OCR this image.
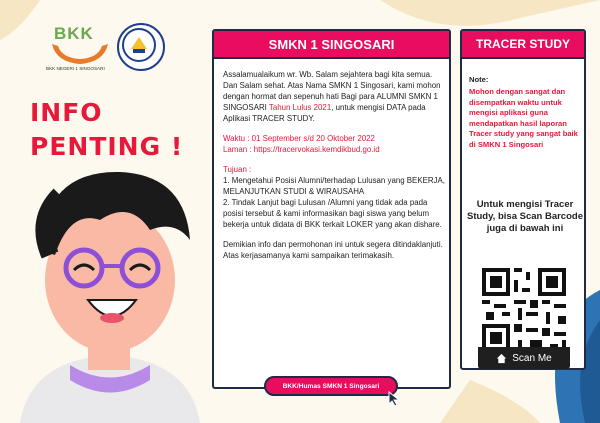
BKK
BKK NEGERI 1 SINGOSARI
INFO
PENTING !
SMKN 1 SINGOSARI

Assalamualaikum wr. Wb. Salam sejahtera bagi kita semua. Dan Salam sehat. Atas Nama SMKN 1 Singosari, kami mohon dengan hormat dan sepenuh hati Bagi para ALUMNI SMKN 1 SINGOSARI Tahun Lulus 2021, untuk mengisi DATA pada Aplikasi TRACER STUDY.

Waktu : 01 September s/d 20 Oktober 2022

Laman : https://tracervokasi.kemdikbud.go.id

Tujuan :

1. Mengetahui Posisi Alumni/terhadap Lulusan yang BEKERJA, MELANJUTKAN STUDI & WIRAUSAHA

2. Tindak Lanjut bagi Lulusan /Alumni yang tidak ada pada posisi tersebut & kami informasikan bagi siswa yang belum bekerja untuk didata di BKK terkait LOKER yang akan dishare.

Demikian info dan permohonan ini untuk segera ditindaklanjuti. Atas kerjasamanya kami sampaikan terimakasih.

BKK/Humas SMKN 1 Singosari
TRACER STUDY
Note:

Mohon dengan sangat dan disempatkan waktu untuk mengisi aplikasi guna mendapatkan hasil laporan Tracer study yang sangat baik di SMKN 1 Singosari

Untuk mengisi Tracer Study, bisa Scan Barcode juga di bawah ini

Scan Me
